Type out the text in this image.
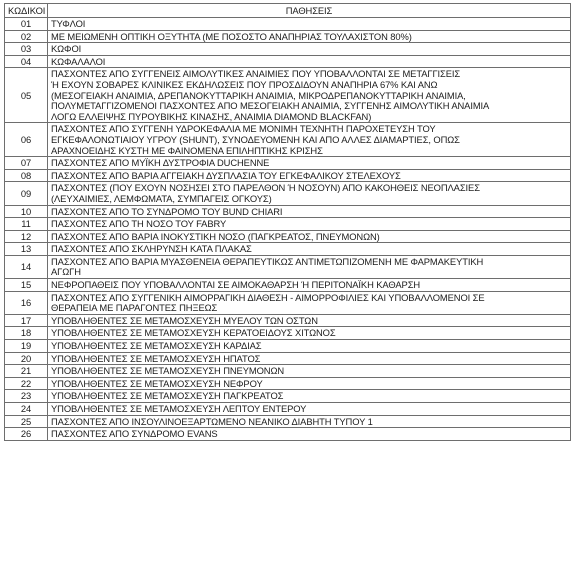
ΚΩΔΙΚΟΙ	ΠΑΘΗΣΕΙΣ
01	ΤΥΦΛΟΙ
02	ΜΕ ΜΕΙΩΜΕΝΗ ΟΠΤΙΚΗ ΟΞΥΤΗΤΑ (ΜΕ ΠΟΣΟΣΤΟ ΑΝΑΠΗΡΙΑΣ ΤΟΥΛΑΧΙΣΤΟΝ 80%)
03	ΚΩΦΟΙ
04	ΚΩΦΑΛΑΛΟΙ
05	ΠΑΣΧΟΝΤΕΣ ΑΠΟ ΣΥΓΓΕΝΕΙΣ ΑΙΜΟΛΥΤΙΚΕΣ ΑΝΑΙΜΙΕΣ ΠΟΥ ΥΠΟΒΑΛΛΟΝΤΑΙ ΣΕ ΜΕΤΑΓΓΙΣΕΙΣ
Ή ΕΧΟΥΝ ΣΟΒΑΡΕΣ ΚΛΙΝΙΚΕΣ ΕΚΔΗΛΩΣΕΙΣ ΠΟΥ ΠΡΟΣΔΙΔΟΥΝ ΑΝΑΠΗΡΙΑ 67% ΚΑΙ ΑΝΩ
(ΜΕΣΟΓΕΙΑΚΗ ΑΝΑΙΜΙΑ, ΔΡΕΠΑΝΟΚΥΤΤΑΡΙΚΗ ΑΝΑΙΜΙΑ, ΜΙΚΡΟΔΡΕΠΑΝΟΚΥΤΤΑΡΙΚΗ ΑΝΑΙΜΙΑ,
ΠΟΛΥΜΕΤΑΓΓΙΖΟΜΕΝΟΙ ΠΑΣΧΟΝΤΕΣ ΑΠΟ ΜΕΣΟΓΕΙΑΚΗ ΑΝΑΙΜΙΑ, ΣΥΓΓΕΝΗΣ ΑΙΜΟΛΥΤΙΚΗ ΑΝΑΙΜΙΑ
ΛΟΓΩ ΕΛΛΕΙΨΗΣ ΠΥΡΟΥΒΙΚΗΣ ΚΙΝΑΣΗΣ, ΑΝΑΙΜΙΑ DIAMOND BLACKFAN)
06	ΠΑΣΧΟΝΤΕΣ ΑΠΟ ΣΥΓΓΕΝΗ ΥΔΡΟΚΕΦΑΛΙΑ ΜΕ ΜΟΝΙΜΗ ΤΕΧΝΗΤΗ ΠΑΡΟΧΕΤΕΥΣΗ ΤΟΥ
ΕΓΚΕΦΑΛΟΝΩΤΙΑΙΟΥ ΥΓΡΟΥ (SHUNT), ΣΥΝΟΔΕΥΟΜΕΝΗ ΚΑΙ ΑΠΟ ΑΛΛΕΣ ΔΙΑΜΑΡΤΙΕΣ, ΟΠΩΣ
ΑΡΑΧΝΟΕΙΔΗΣ ΚΥΣΤΗ ΜΕ ΦΑΙΝΟΜΕΝΑ ΕΠΙΛΗΠΤΙΚΗΣ ΚΡΙΣΗΣ
07	ΠΑΣΧΟΝΤΕΣ ΑΠΟ ΜΥΪΚΗ ΔΥΣΤΡΟΦΙΑ DUCHENNE
08	ΠΑΣΧΟΝΤΕΣ ΑΠΟ ΒΑΡΙΑ ΑΓΓΕΙΑΚΗ ΔΥΣΠΛΑΣΙΑ ΤΟΥ ΕΓΚΕΦΑΛΙΚΟΥ ΣΤΕΛΕΧΟΥΣ
09	ΠΑΣΧΟΝΤΕΣ (ΠΟΥ ΕΧΟΥΝ ΝΟΣΗΣΕΙ ΣΤΟ ΠΑΡΕΛΘΟΝ Ή ΝΟΣΟΥΝ) ΑΠΟ ΚΑΚΟΗΘΕΙΣ ΝΕΟΠΛΑΣΙΕΣ
(ΛΕΥΧΑΙΜΙΕΣ, ΛΕΜΦΩΜΑΤΑ, ΣΥΜΠΑΓΕΙΣ ΟΓΚΟΥΣ)
10	ΠΑΣΧΟΝΤΕΣ ΑΠΟ ΤΟ ΣΥΝΔΡΟΜΟ ΤΟΥ BUND CHIARI
11	ΠΑΣΧΟΝΤΕΣ ΑΠΟ ΤΗ ΝΟΣΟ ΤΟΥ FABRY
12	ΠΑΣΧΟΝΤΕΣ ΑΠΟ ΒΑΡΙΑ ΙΝΟΚΥΣΤΙΚΗ ΝΟΣΟ (ΠΑΓΚΡΕΑΤΟΣ, ΠΝΕΥΜΟΝΩΝ)
13	ΠΑΣΧΟΝΤΕΣ ΑΠΟ ΣΚΛΗΡΥΝΣΗ ΚΑΤΑ ΠΛΑΚΑΣ
14	ΠΑΣΧΟΝΤΕΣ ΑΠΟ ΒΑΡΙΑ ΜΥΑΣΘΕΝΕΙΑ ΘΕΡΑΠΕΥΤΙΚΩΣ ΑΝΤΙΜΕΤΩΠΙΖΟΜΕΝΗ ΜΕ ΦΑΡΜΑΚΕΥΤΙΚΗ
ΑΓΩΓΗ
15	ΝΕΦΡΟΠΑΘΕΙΣ ΠΟΥ ΥΠΟΒΑΛΛΟΝΤΑΙ ΣΕ ΑΙΜΟΚΑΘΑΡΣΗ Ή ΠΕΡΙΤΟΝΑΪΚΗ ΚΑΘΑΡΣΗ
16	ΠΑΣΧΟΝΤΕΣ ΑΠΟ ΣΥΓΓΕΝΙΚΗ ΑΙΜΟΡΡΑΓΙΚΗ ΔΙΑΘΕΣΗ - ΑΙΜΟΡΡΟΦΙΛΙΕΣ ΚΑΙ ΥΠΟΒΑΛΛΟΜΕΝΟΙ ΣΕ
ΘΕΡΑΠΕΙΑ ΜΕ ΠΑΡΑΓΟΝΤΕΣ ΠΗΞΕΩΣ
17	ΥΠΟΒΛΗΘΕΝΤΕΣ ΣΕ ΜΕΤΑΜΟΣΧΕΥΣΗ ΜΥΕΛΟΥ ΤΩΝ ΟΣΤΩΝ
18	ΥΠΟΒΛΗΘΕΝΤΕΣ ΣΕ ΜΕΤΑΜΟΣΧΕΥΣΗ ΚΕΡΑΤΟΕΙΔΟΥΣ ΧΙΤΩΝΟΣ
19	ΥΠΟΒΛΗΘΕΝΤΕΣ ΣΕ ΜΕΤΑΜΟΣΧΕΥΣΗ ΚΑΡΔΙΑΣ
20	ΥΠΟΒΛΗΘΕΝΤΕΣ ΣΕ ΜΕΤΑΜΟΣΧΕΥΣΗ ΗΠΑΤΟΣ
21	ΥΠΟΒΛΗΘΕΝΤΕΣ ΣΕ ΜΕΤΑΜΟΣΧΕΥΣΗ ΠΝΕΥΜΟΝΩΝ
22	ΥΠΟΒΛΗΘΕΝΤΕΣ ΣΕ ΜΕΤΑΜΟΣΧΕΥΣΗ ΝΕΦΡΟΥ
23	ΥΠΟΒΛΗΘΕΝΤΕΣ ΣΕ ΜΕΤΑΜΟΣΧΕΥΣΗ ΠΑΓΚΡΕΑΤΟΣ
24	ΥΠΟΒΛΗΘΕΝΤΕΣ ΣΕ ΜΕΤΑΜΟΣΧΕΥΣΗ ΛΕΠΤΟΥ ΕΝΤΕΡΟΥ
25	ΠΑΣΧΟΝΤΕΣ ΑΠΟ ΙΝΣΟΥΛΙΝΟΕΞΑΡΤΩΜΕΝΟ ΝΕΑΝΙΚΟ ΔΙΑΒΗΤΗ ΤΥΠΟΥ 1
26	ΠΑΣΧΟΝΤΕΣ ΑΠΟ ΣΥΝΔΡΟΜΟ EVANS
